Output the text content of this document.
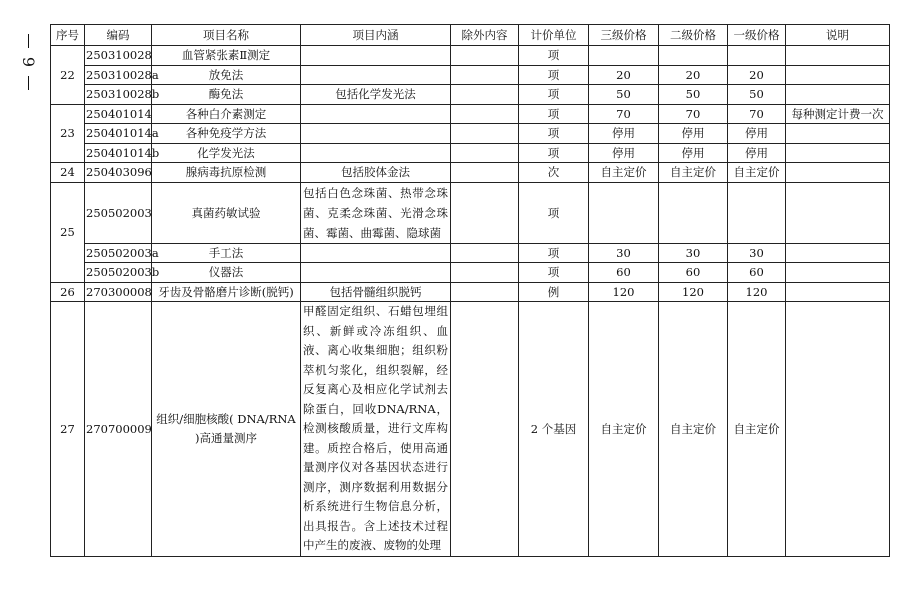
9
序号	编码	项目名称	项目内涵	除外内容	计价单位	三级价格	二级价格	一级价格	说明
22	250310028	血管紧张素Ⅱ测定			项				
	250310028a	放免法			项	20	20	20	
	250310028b	酶免法	包括化学发光法		项	50	50	50	
23	250401014	各种白介素测定			项	70	70	70	每种测定计费一次
	250401014a	各种免疫学方法			项	停用	停用	停用	
	250401014b	化学发光法			项	停用	停用	停用	
24	250403096	腺病毒抗原检测	包括胶体金法		次	自主定价	自主定价	自主定价	
25	250502003	真菌药敏试验	包括白色念珠菌、热带念珠菌、克柔念珠菌、光滑念珠菌、霉菌、曲霉菌、隐球菌		项				
	250502003a	手工法			项	30	30	30	
	250502003b	仪器法			项	60	60	60	
26	270300008	牙齿及骨骼磨片诊断(脱钙)	包括骨髓组织脱钙		例	120	120	120	
27	270700009	组织/细胞核酸( DNA/RNA )高通量测序	甲醛固定组织、石蜡包埋组织、新鲜或冷冻组织、血液、离心收集细胞；组织粉萃机匀浆化，组织裂解，经反复离心及相应化学试剂去除蛋白，回收DNA/RNA，检测核酸质量，进行文库构建。质控合格后，使用高通量测序仪对各基因状态进行测序，测序数据利用数据分析系统进行生物信息分析，出具报告。含上述技术过程中产生的废液、废物的处理		2 个基因	自主定价	自主定价	自主定价	
